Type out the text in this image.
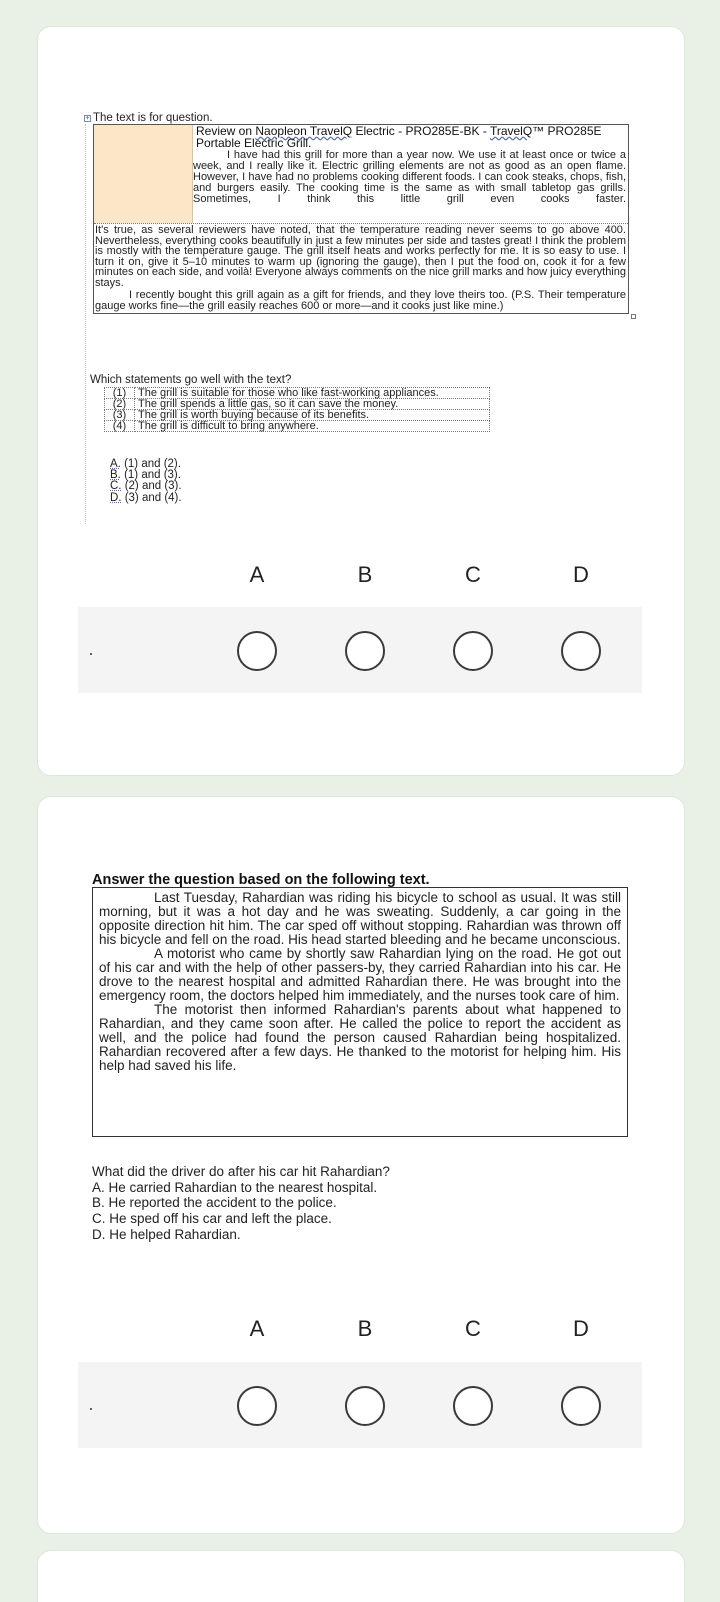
+ The text is for question.
Review on Naopleon TravelQ Electric - PRO285E-BK - TravelQ™ PRO285E Portable Electric Grill.
I have had this grill for more than a year now. We use it at least once or twice a week, and I really like it. Electric grilling elements are not as good as an open flame. However, I have had no problems cooking different foods. I can cook steaks, chops, fish, and burgers easily. The cooking time is the same as with small tabletop gas grills. Sometimes, I think this little grill even cooks faster.
It's true, as several reviewers have noted, that the temperature reading never seems to go above 400. Nevertheless, everything cooks beautifully in just a few minutes per side and tastes great! I think the problem is mostly with the temperature gauge. The grill itself heats and works perfectly for me. It is so easy to use. I turn it on, give it 5–10 minutes to warm up (ignoring the gauge), then I put the food on, cook it for a few minutes on each side, and voilà! Everyone always comments on the nice grill marks and how juicy everything stays.
I recently bought this grill again as a gift for friends, and they love theirs too. (P.S. Their temperature gauge works fine—the grill easily reaches 600 or more—and it cooks just like mine.)
Which statements go well with the text?
(1)	The grill is suitable for those who like fast-working appliances.
(2)	The grill spends a little gas, so it can save the money.
(3)	The grill is worth buying because of its benefits.
(4)	The grill is difficult to bring anywhere.
A. (1) and (2).
B. (1) and (3).
C. (2) and (3).
D. (3) and (4).
A	B	C	D
Answer the question based on the following text.

Last Tuesday, Rahardian was riding his bicycle to school as usual. It was still morning, but it was a hot day and he was sweating. Suddenly, a car going in the opposite direction hit him. The car sped off without stopping. Rahardian was thrown off his bicycle and fell on the road. His head started bleeding and he became unconscious.

A motorist who came by shortly saw Rahardian lying on the road. He got out of his car and with the help of other passers-by, they carried Rahardian into his car. He drove to the nearest hospital and admitted Rahardian there. He was brought into the emergency room, the doctors helped him immediately, and the nurses took care of him.

The motorist then informed Rahardian's parents about what happened to Rahardian, and they came soon after. He called the police to report the accident as well, and the police had found the person caused Rahardian being hospitalized. Rahardian recovered after a few days. He thanked to the motorist for helping him. His help had saved his life.

What did the driver do after his car hit Rahardian?
A. He carried Rahardian to the nearest hospital.
B. He reported the accident to the police.
C. He sped off his car and left the place.
D. He helped Rahardian.
A	B	C	D
